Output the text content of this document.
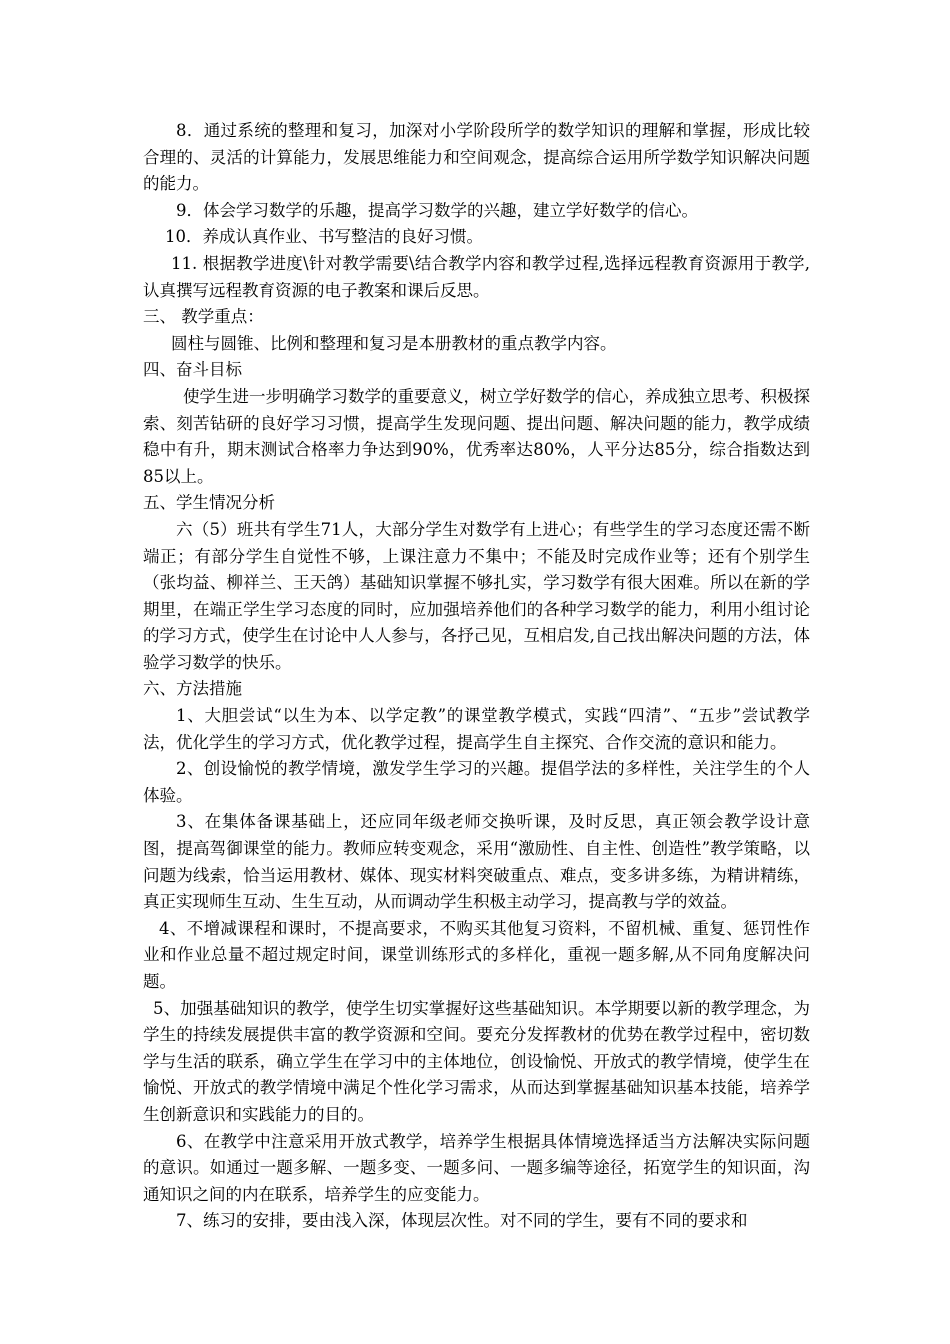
8．通过系统的整理和复习，加深对小学阶段所学的数学知识的理解和掌握，形成比较合理的、灵活的计算能力，发展思维能力和空间观念，提高综合运用所学数学知识解决问题的能力。

9．体会学习数学的乐趣，提高学习数学的兴趣，建立学好数学的信心。

10．养成认真作业、书写整洁的良好习惯。

11. 根据教学进度\针对教学需要\结合教学内容和教学过程,选择远程教育资源用于教学,认真撰写远程教育资源的电子教案和课后反思。

三、 教学重点：

圆柱与圆锥、比例和整理和复习是本册教材的重点教学内容。

四、奋斗目标

使学生进一步明确学习数学的重要意义，树立学好数学的信心，养成独立思考、积极探索、刻苦钻研的良好学习习惯，提高学生发现问题、提出问题、解决问题的能力，教学成绩稳中有升，期末测试合格率力争达到90%，优秀率达80%，人平分达85分，综合指数达到85以上。

五、学生情况分析

六（5）班共有学生71人，大部分学生对数学有上进心；有些学生的学习态度还需不断端正；有部分学生自觉性不够，上课注意力不集中；不能及时完成作业等；还有个别学生（张均益、柳祥兰、王天鸽）基础知识掌握不够扎实，学习数学有很大困难。所以在新的学期里，在端正学生学习态度的同时，应加强培养他们的各种学习数学的能力，利用小组讨论的学习方式，使学生在讨论中人人参与，各抒己见，互相启发,自己找出解决问题的方法，体验学习数学的快乐。

六、方法措施

1、大胆尝试“以生为本、以学定教”的课堂教学模式，实践“四清”、“五步”尝试教学法，优化学生的学习方式，优化教学过程，提高学生自主探究、合作交流的意识和能力。

2、创设愉悦的教学情境，激发学生学习的兴趣。提倡学法的多样性，关注学生的个人体验。

3、在集体备课基础上，还应同年级老师交换听课，及时反思，真正领会教学设计意图，提高驾御课堂的能力。教师应转变观念，采用“激励性、自主性、创造性”教学策略，以问题为线索，恰当运用教材、媒体、现实材料突破重点、难点，变多讲多练，为精讲精练，真正实现师生互动、生生互动，从而调动学生积极主动学习，提高教与学的效益。

4、不增减课程和课时，不提高要求，不购买其他复习资料，不留机械、重复、惩罚性作业和作业总量不超过规定时间，课堂训练形式的多样化，重视一题多解,从不同角度解决问题。

5、加强基础知识的教学，使学生切实掌握好这些基础知识。本学期要以新的教学理念，为学生的持续发展提供丰富的教学资源和空间。要充分发挥教材的优势在教学过程中，密切数学与生活的联系，确立学生在学习中的主体地位，创设愉悦、开放式的教学情境，使学生在愉悦、开放式的教学情境中满足个性化学习需求，从而达到掌握基础知识基本技能，培养学生创新意识和实践能力的目的。

6、在教学中注意采用开放式教学，培养学生根据具体情境选择适当方法解决实际问题的意识。如通过一题多解、一题多变、一题多问、一题多编等途径，拓宽学生的知识面，沟通知识之间的内在联系，培养学生的应变能力。

7、练习的安排，要由浅入深，体现层次性。对不同的学生，要有不同的要求和
